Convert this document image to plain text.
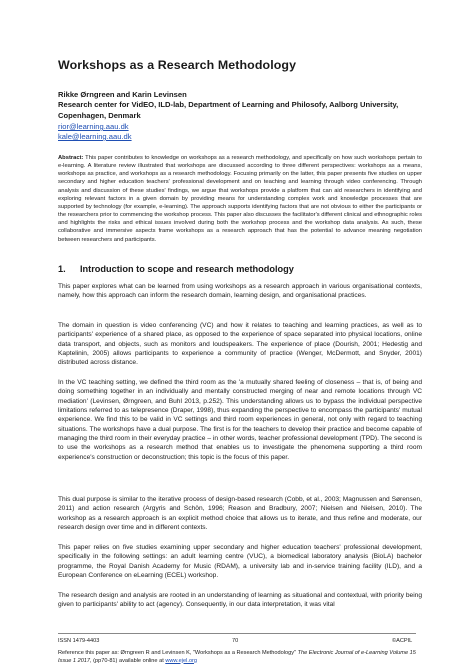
Workshops as a Research Methodology
Rikke Ørngreen and Karin Levinsen
Research center for VidEO, ILD-lab, Department of Learning and Philosofy, Aalborg University, Copenhagen, Denmark
rior@learning.aau.dk
kale@learning.aau.dk
Abstract: This paper contributes to knowledge on workshops as a research methodology, and specifically on how such workshops pertain to e-learning. A literature review illustrated that workshops are discussed according to three different perspectives: workshops as a means, workshops as practice, and workshops as a research methodology. Focusing primarily on the latter, this paper presents five studies on upper secondary and higher education teachers' professional development and on teaching and learning through video conferencing. Through analysis and discussion of these studies' findings, we argue that workshops provide a platform that can aid researchers in identifying and exploring relevant factors in a given domain by providing means for understanding complex work and knowledge processes that are supported by technology (for example, e-learning). The approach supports identifying factors that are not obvious to either the participants or the researchers prior to commencing the workshop process. This paper also discusses the facilitator's different clinical and ethnographic roles and highlights the risks and ethical issues involved during both the workshop process and the workshop data analysis. As such, these collaborative and immersive aspects frame workshops as a research approach that has the potential to advance meaning negotiation between researchers and participants.
1. Introduction to scope and research methodology

This paper explores what can be learned from using workshops as a research approach in various organisational contexts, namely, how this approach can inform the research domain, learning design, and organisational practices.

The domain in question is video conferencing (VC) and how it relates to teaching and learning practices, as well as to participants' experience of a shared place, as opposed to the experience of space separated into physical locations, online data transport, and objects, such as monitors and loudspeakers. The experience of place (Dourish, 2001; Hedestig and Kaptelinin, 2005) allows participants to experience a community of practice (Wenger, McDermott, and Snyder, 2001) distributed across distance.

In the VC teaching setting, we defined the third room as the 'a mutually shared feeling of closeness – that is, of being and doing something together in an individually and mentally constructed merging of near and remote locations through VC mediation' (Levinsen, Ørngreen, and Buhl 2013, p.252). This understanding allows us to bypass the individual perspective limitations referred to as telepresence (Draper, 1998), thus expanding the perspective to encompass the participants' mutual experience. We find this to be valid in VC settings and third room experiences in general, not only with regard to teaching situations. The workshops have a dual purpose. The first is for the teachers to develop their practice and become capable of managing the third room in their everyday practice – in other words, teacher professional development (TPD). The second is to use the workshops as a research method that enables us to investigate the phenomena supporting a third room experience's construction or deconstruction; this topic is the focus of this paper.

This dual purpose is similar to the iterative process of design-based research (Cobb, et al., 2003; Magnussen and Sørensen, 2011) and action research (Argyris and Schön, 1996; Reason and Bradbury, 2007; Nielsen and Nielsen, 2010). The workshop as a research approach is an explicit method choice that allows us to iterate, and thus refine and moderate, our research design over time and in different contexts.

This paper relies on five studies examining upper secondary and higher education teachers' professional development, specifically in the following settings: an adult learning centre (VUC), a biomedical laboratory analysis (BioLA) bachelor programme, the Royal Danish Academy for Music (RDAM), a university lab and in-service training facility (ILD), and a European Conference on eLearning (ECEL) workshop.

The research design and analysis are rooted in an understanding of learning as situational and contextual, with priority being given to participants' ability to act (agency). Consequently, in our data interpretation, it was vital

ISSN 1479-4403	70	©ACPIL
Reference this paper as: Ørngreen R and Levinsen K, "Workshops as a Research Methodology" The Electronic Journal of e-Learning Volume 15 Issue 1 2017, (pp70-81) available online at www.ejel.org
